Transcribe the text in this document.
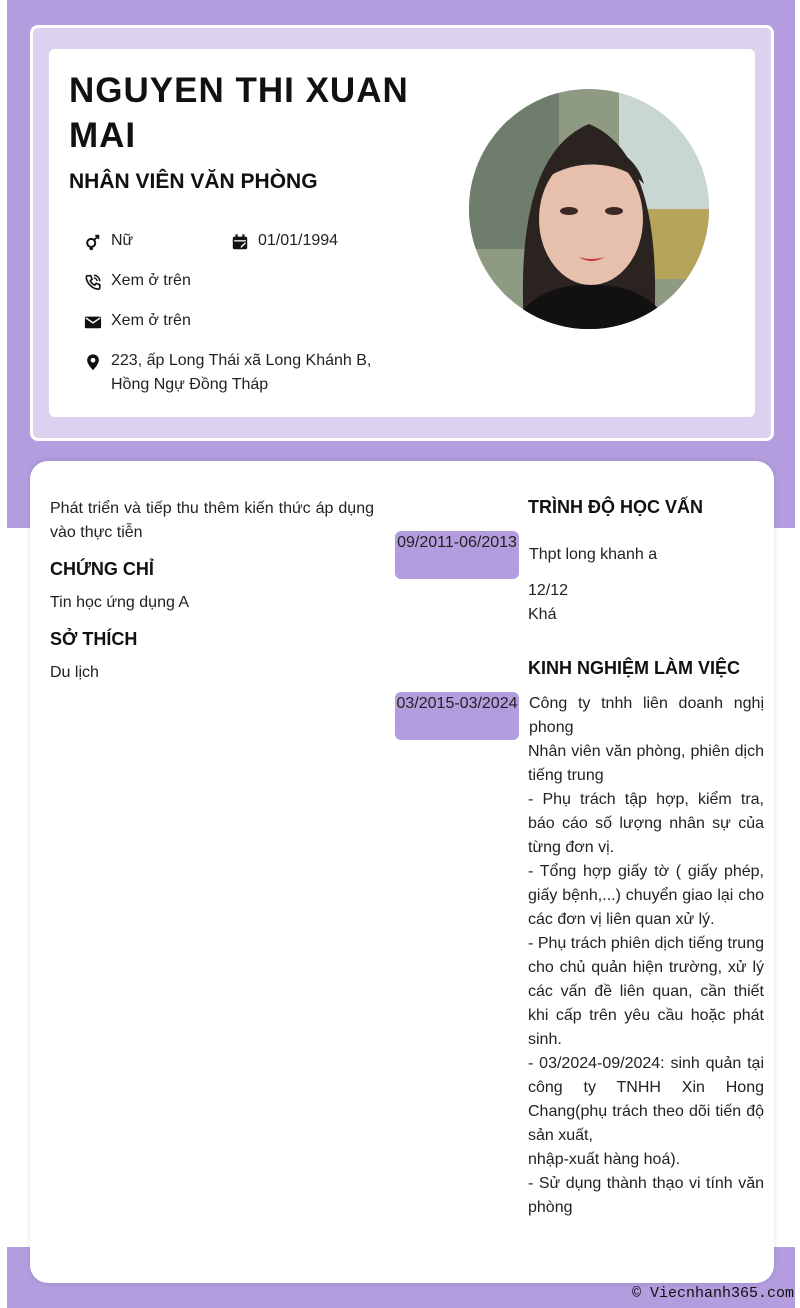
NGUYEN THI XUAN MAI
NHÂN VIÊN VĂN PHÒNG
Nữ	01/01/1994
Xem ở trên
Xem ở trên
223, ấp Long Thái xã Long Khánh B, Hồng Ngự Đồng Tháp
Phát triển và tiếp thu thêm kiến thức áp dụng vào thực tiễn
CHỨNG CHỈ
Tin học ứng dụng A
SỞ THÍCH
Du lịch
TRÌNH ĐỘ HỌC VẤN
09/2011-06/2013
Thpt long khanh a
12/12
Khá
KINH NGHIỆM LÀM VIỆC
03/2015-03/2024 Công ty tnhh liên doanh nghị phong
Nhân viên văn phòng, phiên dịch tiếng trung
- Phụ trách tập hợp, kiểm tra, báo cáo số lượng nhân sự của từng đơn vị.
- Tổng hợp giấy tờ ( giấy phép, giấy bệnh,...) chuyển giao lại cho các đơn vị liên quan xử lý.
- Phụ trách phiên dịch tiếng trung cho chủ quản hiện trường, xử lý các vấn đề liên quan, cần thiết khi cấp trên yêu cầu hoặc phát sinh.
- 03/2024-09/2024: sinh quản tại công ty TNHH Xin Hong Chang(phụ trách theo dõi tiến độ sản xuất,
nhập-xuất hàng hoá).
- Sử dụng thành thạo vi tính văn phòng
© Viecnhanh365.com
